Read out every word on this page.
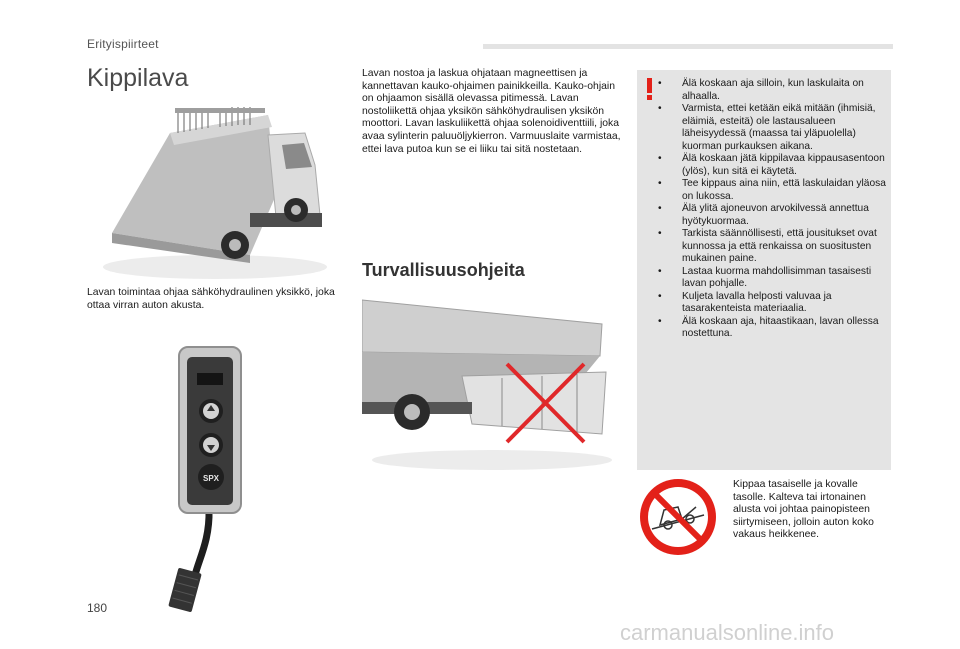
Erityispiirteet
Kippilava
Lavan toimintaa ohjaa sähköhydraulinen yksikkö, joka ottaa virran auton akusta.
SPX
Lavan nostoa ja laskua ohjataan magneettisen ja kannettavan kauko-ohjaimen painikkeilla. Kauko-ohjain on ohjaamon sisällä olevassa pitimessä. Lavan nostoliikettä ohjaa yksikön sähköhydraulisen yksikön moottori. Lavan laskuliikettä ohjaa solenoidiventtiili, joka avaa sylinterin paluuöljykierron. Varmuuslaite varmistaa, ettei lava putoa kun se ei liiku tai sitä nostetaan.
Turvallisuusohjeita
• Älä koskaan aja silloin, kun laskulaita on alhaalla.
• Varmista, ettei ketään eikä mitään (ihmisiä, eläimiä, esteitä) ole lastausalueen läheisyydessä (maassa tai yläpuolella) kuorman purkauksen aikana.
• Älä koskaan jätä kippilavaa kippausasentoon (ylös), kun sitä ei käytetä.
• Tee kippaus aina niin, että laskulaidan yläosa on lukossa.
• Älä ylitä ajoneuvon arvokilvessä annettua hyötykuormaa.
• Tarkista säännöllisesti, että jousitukset ovat kunnossa ja että renkaissa on suositusten mukainen paine.
• Lastaa kuorma mahdollisimman tasaisesti lavan pohjalle.
• Kuljeta lavalla helposti valuvaa ja tasarakenteista materiaalia.
• Älä koskaan aja, hitaastikaan, lavan ollessa nostettuna.
Kippaa tasaiselle ja kovalle tasolle. Kalteva tai irtonainen alusta voi johtaa painopisteen siirtymiseen, jolloin auton koko vakaus heikkenee.
180
carmanualsonline.info
